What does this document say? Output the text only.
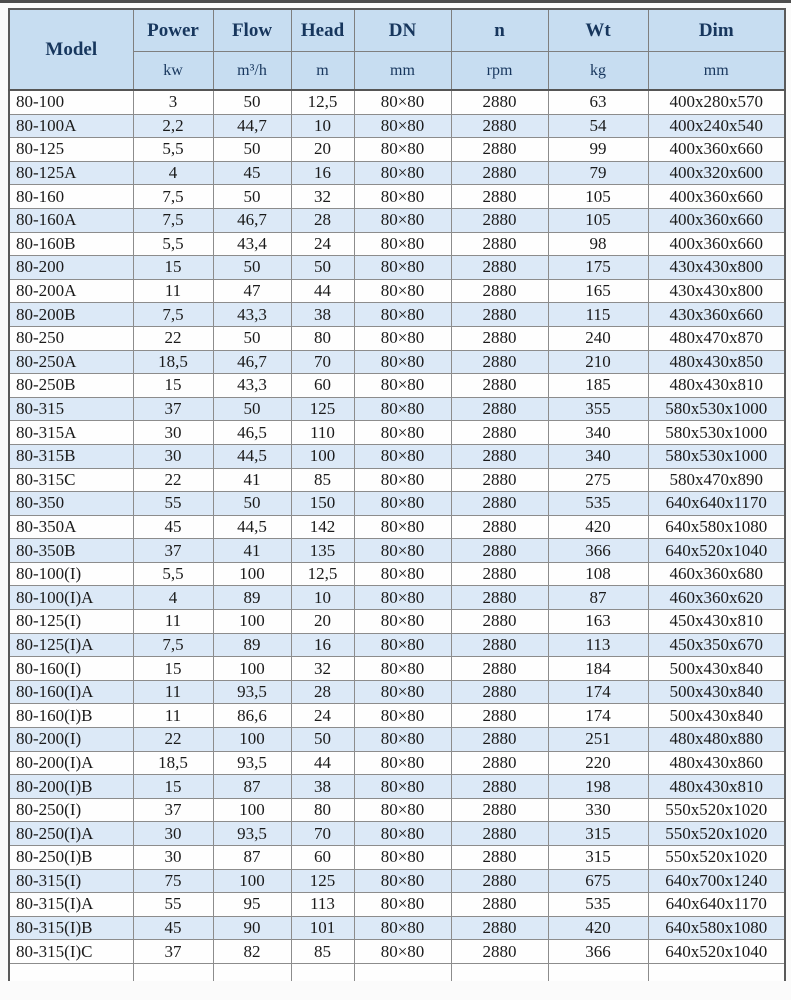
Model	Power	Flow	Head	DN	n	Wt	Dim
	kw	m³/h	m	mm	rpm	kg	mm
80-100	3	50	12,5	80×80	2880	63	400x280x570
80-100A	2,2	44,7	10	80×80	2880	54	400x240x540
80-125	5,5	50	20	80×80	2880	99	400x360x660
80-125A	4	45	16	80×80	2880	79	400x320x600
80-160	7,5	50	32	80×80	2880	105	400x360x660
80-160A	7,5	46,7	28	80×80	2880	105	400x360x660
80-160B	5,5	43,4	24	80×80	2880	98	400x360x660
80-200	15	50	50	80×80	2880	175	430x430x800
80-200A	11	47	44	80×80	2880	165	430x430x800
80-200B	7,5	43,3	38	80×80	2880	115	430x360x660
80-250	22	50	80	80×80	2880	240	480x470x870
80-250A	18,5	46,7	70	80×80	2880	210	480x430x850
80-250B	15	43,3	60	80×80	2880	185	480x430x810
80-315	37	50	125	80×80	2880	355	580x530x1000
80-315A	30	46,5	110	80×80	2880	340	580x530x1000
80-315B	30	44,5	100	80×80	2880	340	580x530x1000
80-315C	22	41	85	80×80	2880	275	580x470x890
80-350	55	50	150	80×80	2880	535	640x640x1170
80-350A	45	44,5	142	80×80	2880	420	640x580x1080
80-350B	37	41	135	80×80	2880	366	640x520x1040
80-100(I)	5,5	100	12,5	80×80	2880	108	460x360x680
80-100(I)A	4	89	10	80×80	2880	87	460x360x620
80-125(I)	11	100	20	80×80	2880	163	450x430x810
80-125(I)A	7,5	89	16	80×80	2880	113	450x350x670
80-160(I)	15	100	32	80×80	2880	184	500x430x840
80-160(I)A	11	93,5	28	80×80	2880	174	500x430x840
80-160(I)B	11	86,6	24	80×80	2880	174	500x430x840
80-200(I)	22	100	50	80×80	2880	251	480x480x880
80-200(I)A	18,5	93,5	44	80×80	2880	220	480x430x860
80-200(I)B	15	87	38	80×80	2880	198	480x430x810
80-250(I)	37	100	80	80×80	2880	330	550x520x1020
80-250(I)A	30	93,5	70	80×80	2880	315	550x520x1020
80-250(I)B	30	87	60	80×80	2880	315	550x520x1020
80-315(I)	75	100	125	80×80	2880	675	640x700x1240
80-315(I)A	55	95	113	80×80	2880	535	640x640x1170
80-315(I)B	45	90	101	80×80	2880	420	640x580x1080
80-315(I)C	37	82	85	80×80	2880	366	640x520x1040
